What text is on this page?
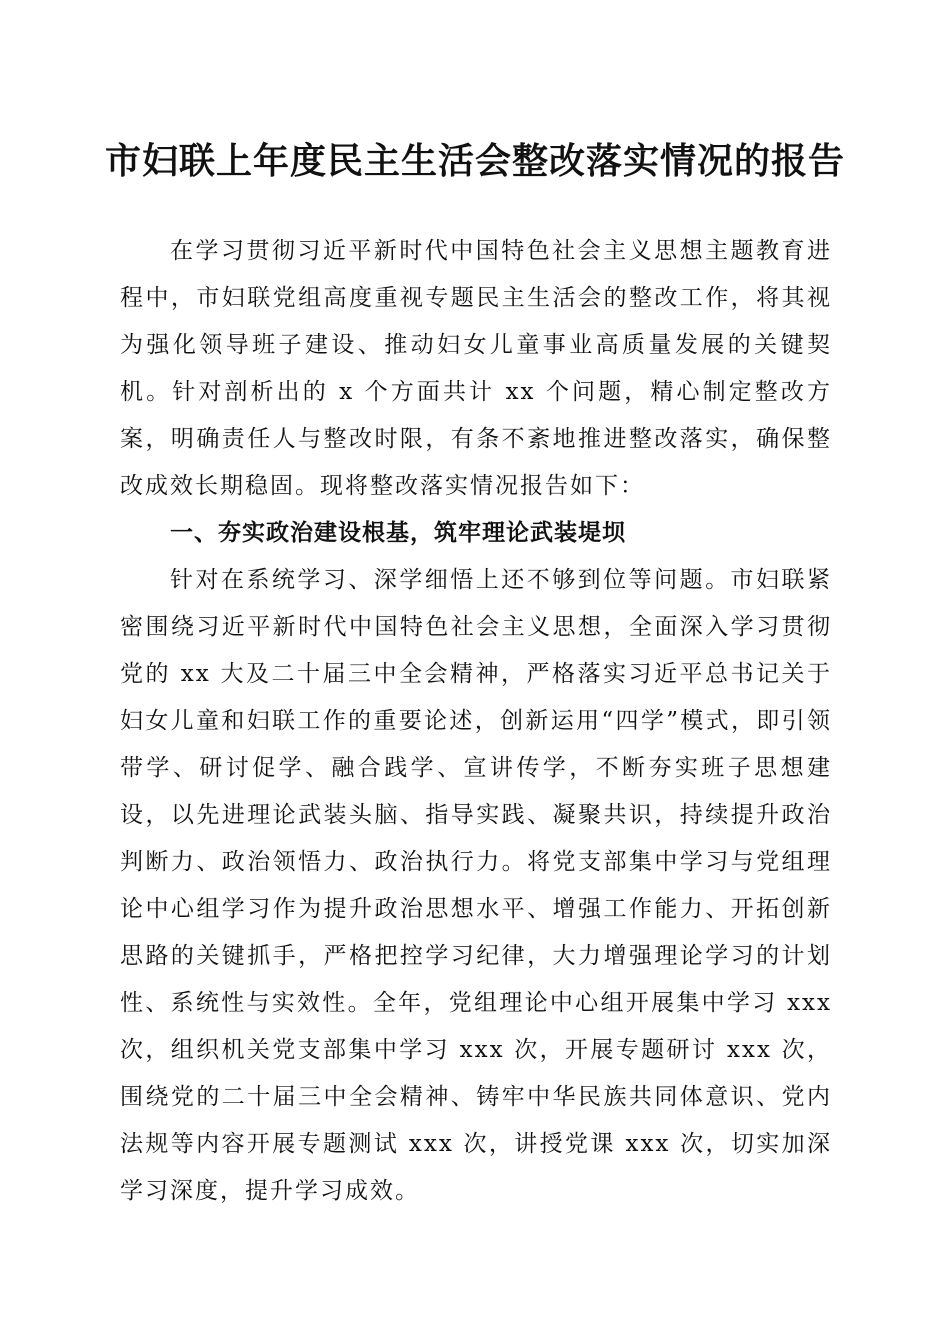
市妇联上年度民主生活会整改落实情况的报告

在学习贯彻习近平新时代中国特色社会主义思想主题教育进程中，市妇联党组高度重视专题民主生活会的整改工作，将其视为强化领导班子建设、推动妇女儿童事业高质量发展的关键契机。针对剖析出的 x 个方面共计 xx 个问题，精心制定整改方案，明确责任人与整改时限，有条不紊地推进整改落实，确保整改成效长期稳固。现将整改落实情况报告如下：

一、夯实政治建设根基，筑牢理论武装堤坝

针对在系统学习、深学细悟上还不够到位等问题。市妇联紧密围绕习近平新时代中国特色社会主义思想，全面深入学习贯彻党的 xx 大及二十届三中全会精神，严格落实习近平总书记关于妇女儿童和妇联工作的重要论述，创新运用“四学”模式，即引领带学、研讨促学、融合践学、宣讲传学，不断夯实班子思想建设，以先进理论武装头脑、指导实践、凝聚共识，持续提升政治判断力、政治领悟力、政治执行力。将党支部集中学习与党组理论中心组学习作为提升政治思想水平、增强工作能力、开拓创新思路的关键抓手，严格把控学习纪律，大力增强理论学习的计划性、系统性与实效性。全年，党组理论中心组开展集中学习 xxx 次，组织机关党支部集中学习 xxx 次，开展专题研讨 xxx 次，围绕党的二十届三中全会精神、铸牢中华民族共同体意识、党内法规等内容开展专题测试 xxx 次，讲授党课 xxx 次，切实加深学习深度，提升学习成效。
